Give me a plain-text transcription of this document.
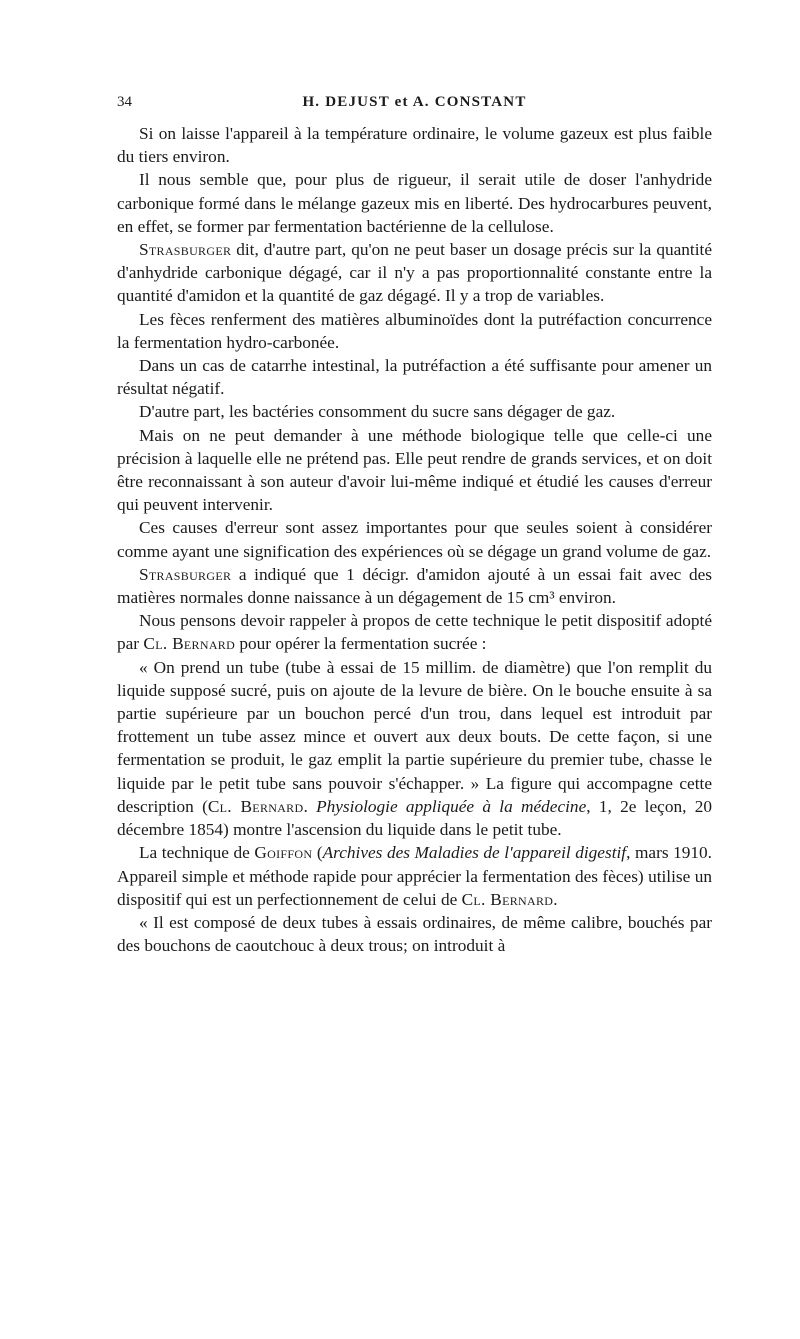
34	H. DEJUST et A. CONSTANT

Si on laisse l'appareil à la température ordinaire, le volume gazeux est plus faible du tiers environ.

Il nous semble que, pour plus de rigueur, il serait utile de doser l'anhydride carbonique formé dans le mélange gazeux mis en liberté. Des hydrocarbures peuvent, en effet, se former par fermentation bactérienne de la cellulose.

Strasburger dit, d'autre part, qu'on ne peut baser un dosage précis sur la quantité d'anhydride carbonique dégagé, car il n'y a pas proportionnalité constante entre la quantité d'amidon et la quantité de gaz dégagé. Il y a trop de variables.

Les fèces renferment des matières albuminoïdes dont la putréfaction concurrence la fermentation hydro-carbonée.

Dans un cas de catarrhe intestinal, la putréfaction a été suffisante pour amener un résultat négatif.

D'autre part, les bactéries consomment du sucre sans dégager de gaz.

Mais on ne peut demander à une méthode biologique telle que celle-ci une précision à laquelle elle ne prétend pas. Elle peut rendre de grands services, et on doit être reconnaissant à son auteur d'avoir lui-même indiqué et étudié les causes d'erreur qui peuvent intervenir.

Ces causes d'erreur sont assez importantes pour que seules soient à considérer comme ayant une signification des expériences où se dégage un grand volume de gaz.

Strasburger a indiqué que 1 décigr. d'amidon ajouté à un essai fait avec des matières normales donne naissance à un dégagement de 15 cm³ environ.

Nous pensons devoir rappeler à propos de cette technique le petit dispositif adopté par Cl. Bernard pour opérer la fermentation sucrée :

« On prend un tube (tube à essai de 15 millim. de diamètre) que l'on remplit du liquide supposé sucré, puis on ajoute de la levure de bière. On le bouche ensuite à sa partie supérieure par un bouchon percé d'un trou, dans lequel est introduit par frottement un tube assez mince et ouvert aux deux bouts. De cette façon, si une fermentation se produit, le gaz emplit la partie supérieure du premier tube, chasse le liquide par le petit tube sans pouvoir s'échapper. » La figure qui accompagne cette description (Cl. Bernard. Physiologie appliquée à la médecine, 1, 2e leçon, 20 décembre 1854) montre l'ascension du liquide dans le petit tube.

La technique de Goiffon (Archives des Maladies de l'appareil digestif, mars 1910. Appareil simple et méthode rapide pour apprécier la fermentation des fèces) utilise un dispositif qui est un perfectionnement de celui de Cl. Bernard.

« Il est composé de deux tubes à essais ordinaires, de même calibre, bouchés par des bouchons de caoutchouc à deux trous; on introduit à
